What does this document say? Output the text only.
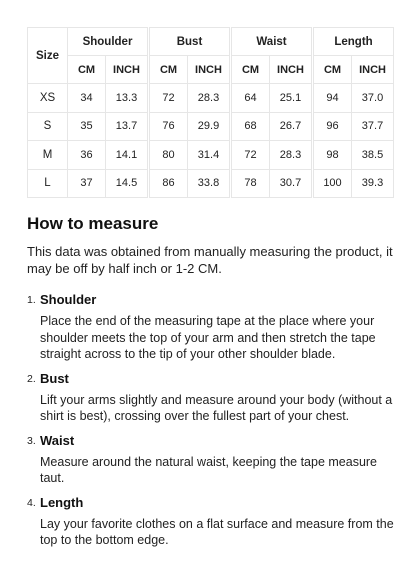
Size	Shoulder			Bust			Waist			Length	
	CM	INCH		CM	INCH		CM	INCH		CM	INCH
XS	34	13.3		72	28.3		64	25.1		94	37.0
S	35	13.7		76	29.9		68	26.7		96	37.7
M	36	14.1		80	31.4		72	28.3		98	38.5
L	37	14.5		86	33.8		78	30.7		100	39.3
How to measure

This data was obtained from manually measuring the product, it may be off by half inch or 1-2 CM.

1. Shoulder
Place the end of the measuring tape at the place where your shoulder meets the top of your arm and then stretch the tape straight across to the tip of your other shoulder blade.
2. Bust
Lift your arms slightly and measure around your body (without a shirt is best), crossing over the fullest part of your chest.
3. Waist
Measure around the natural waist, keeping the tape measure taut.
4. Length
Lay your favorite clothes on a flat surface and measure from the top to the bottom edge.
